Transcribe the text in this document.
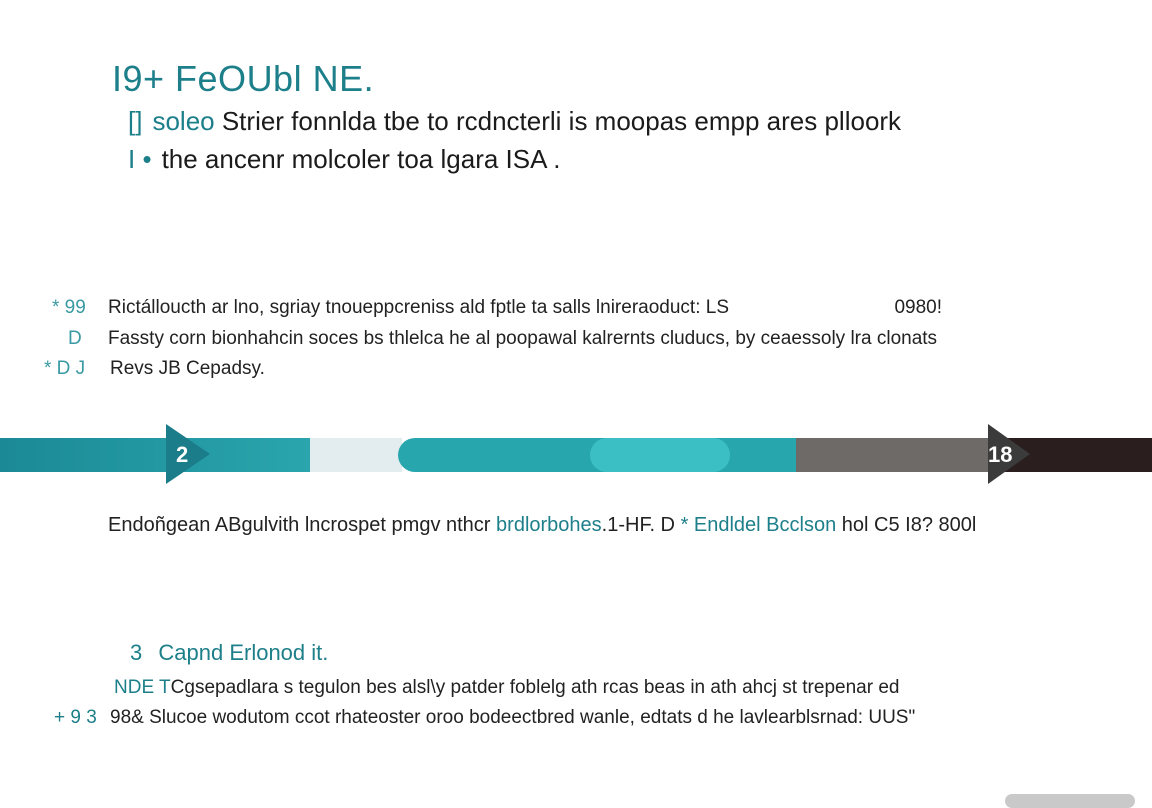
I9+ FeOUbl NE.
[] soleo Strier fonnlda tbe to rcdncterli is moopas empp ares plloork
I • the ancenr molcoler toa lgara ISA .
* 99 Rictálloucth ar lno, sgriay tnoueppcreniss ald fptle ta salls lnireraoduct: LS	0980!
D Fassty corn bionhahcin soces bs thlelca he al poopawal kalrernts cluducs, by ceaessoly lra clonats
* D J Revs JB Cepadsy.
2	18
Endoñgean ABgulvith lncrospet pmgv nthcr brdlorbohes.1-HF. D * Endldel Bcclson hol C5 I8? 800l
3 Capnd Erlonod it.
NDE TCgsepadlara s tegulon bes alsl\y patder foblelg ath rcas beas in ath ahcj st trepenar ed
+ 9 3 98& Slucoe wodutom ccot rhateoster oroo bodeectbred wanle, edtats d he lavlearblsrnad: UUS"
